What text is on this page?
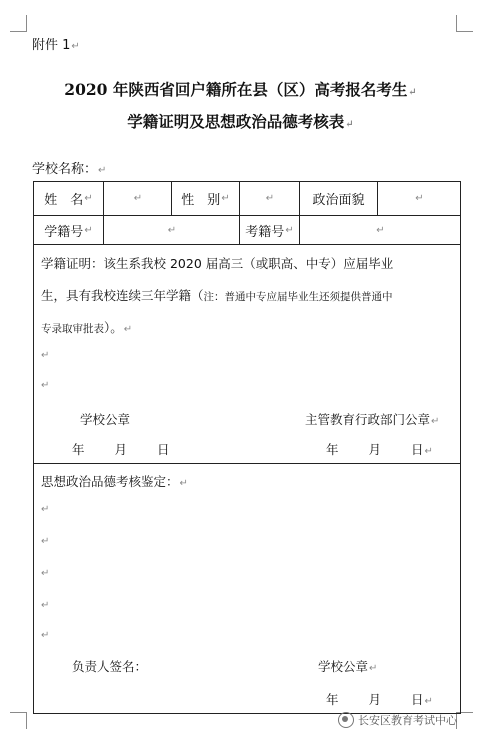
附件 1↵
2020 年陕西省回户籍所在县（区）高考报名考生↵
学籍证明及思想政治品德考核表↵
学校名称：↵
姓　名 ↵	↵	性　别 ↵	↵	政治面貌	↵
学籍号 ↵	↵	考籍号 ↵	↵
学籍证明：该生系我校 2020 届高三（或职高、中专）应届毕业
生，具有我校连续三年学籍（注：普通中专应届毕业生还须提供普通中
专录取审批表）。↵
↵
↵
学校公章	主管教育行政部门公章↵
年 月 日	年 月 日↵
思想政治品德考核鉴定：↵
↵
↵
↵
↵
↵
负责人签名：	学校公章↵
年 月 日↵
长安区教育考试中心
